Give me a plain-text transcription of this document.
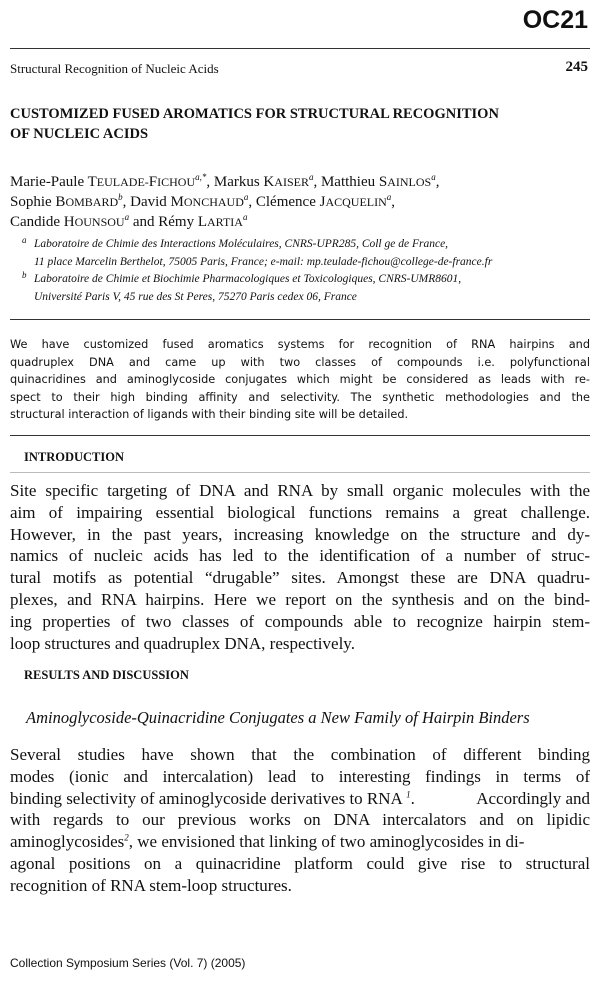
OC21
Structural Recognition of Nucleic Acids	245
CUSTOMIZED FUSED AROMATICS FOR STRUCTURAL RECOGNITION
OF NUCLEIC ACIDS
Marie-Paule TEULADE-$FICHOU^{a,*}$, Markus KAISER$^a$, Matthieu SAINLOS$^a$,
Sophie BOMBARD$^b$, David MONCHAUD$^a$, Clémence JACQUELIN$^a$,
Candide HOUNSOU$^a$ and Rémy LARTIA$^a$
a Laboratoire de Chimie des Interactions Moléculaires, CNRS-UPR285, Coll ge de France,
11 place Marcelin Berthelot, 75005 Paris, France; e-mail: mp.teulade-fichou@college-de-france.fr
b Laboratoire de Chimie et Biochimie Pharmacologiques et Toxicologiques, CNRS-UMR8601,
Université Paris V, 45 rue des St Peres, 75270 Paris cedex 06, France
We have customized fused aromatics systems for recognition of RNA hairpins and
quadruplex DNA and came up with two classes of compounds i.e. polyfunctional
quinacridines and aminoglycoside conjugates which might be considered as leads with re-
spect to their high binding affinity and selectivity. The synthetic methodologies and the
structural interaction of ligands with their binding site will be detailed.
INTRODUCTION
Site specific targeting of DNA and RNA by small organic molecules with the
aim of impairing essential biological functions remains a great challenge.
However, in the past years, increasing knowledge on the structure and dy-
namics of nucleic acids has led to the identification of a number of struc-
tural motifs as potential “drugable” sites. Amongst these are DNA quadru-
plexes, and RNA hairpins. Here we report on the synthesis and on the bind-
ing properties of two classes of compounds able to recognize hairpin stem-
loop structures and quadruplex DNA, respectively.
RESULTS AND DISCUSSION
Aminoglycoside-Quinacridine Conjugates a New Family of Hairpin Binders
Several studies have shown that the combination of different binding
modes (ionic and intercalation) lead to interesting findings in terms of
binding selectivity of aminoglycoside derivatives to RNA $^1$.	Accordingly and
with regards to our previous works on DNA intercalators and on lipidic
aminoglycosides$^2$, we envisioned that linking of two aminoglycosides in di-
agonal positions on a quinacridine platform could give rise to structural
recognition of RNA stem-loop structures.
Collection Symposium Series (Vol. 7) (2005)
